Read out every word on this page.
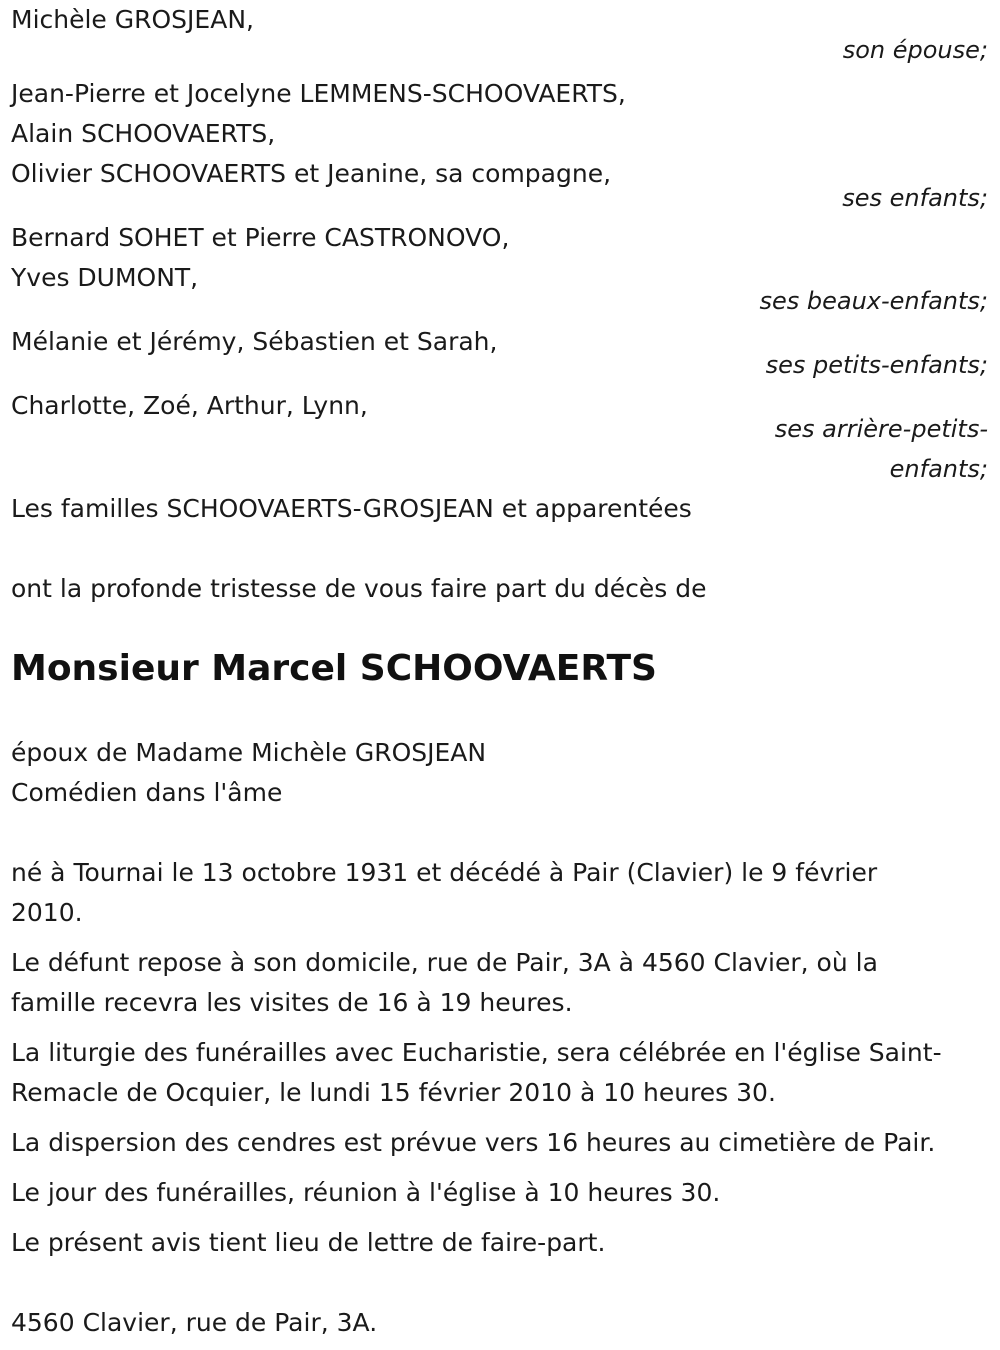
Michèle GROSJEAN,
son épouse;
Jean-Pierre et Jocelyne LEMMENS-SCHOOVAERTS,
Alain SCHOOVAERTS,
Olivier SCHOOVAERTS et Jeanine, sa compagne,
ses enfants;
Bernard SOHET et Pierre CASTRONOVO,
Yves DUMONT,
ses beaux-enfants;
Mélanie et Jérémy, Sébastien et Sarah,
ses petits-enfants;
Charlotte, Zoé, Arthur, Lynn,
ses arrière-petits-
enfants;
Les familles SCHOOVAERTS-GROSJEAN et apparentées
ont la profonde tristesse de vous faire part du décès de
Monsieur Marcel SCHOOVAERTS
époux de Madame Michèle GROSJEAN
Comédien dans l'âme
né à Tournai le 13 octobre 1931 et décédé à Pair (Clavier) le 9 février 2010.
Le défunt repose à son domicile, rue de Pair, 3A à 4560 Clavier, où la famille recevra les visites de 16 à 19 heures.
La liturgie des funérailles avec Eucharistie, sera célébrée en l'église Saint-Remacle de Ocquier, le lundi 15 février 2010 à 10 heures 30.
La dispersion des cendres est prévue vers 16 heures au cimetière de Pair.
Le jour des funérailles, réunion à l'église à 10 heures 30.
Le présent avis tient lieu de lettre de faire-part.
4560 Clavier, rue de Pair, 3A.
